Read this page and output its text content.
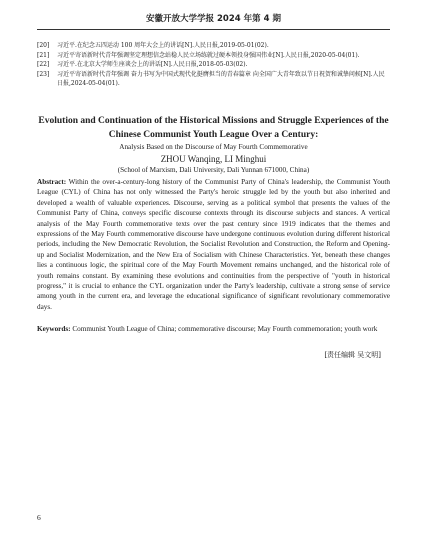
安徽开放大学学报 2024 年第 4 期
[20]	习近平.在纪念五四运动 100 周年大会上的讲话[N].人民日报,2019-05-01(02).
[21]	习近平寄语新时代青年强调坚定理想信念站稳人民立场练就过硬本领投身强国伟业[N].人民日报,2020-05-04(01).
[22]	习近平.在北京大学师生座谈会上的讲话[N].人民日报,2018-05-03(02).
[23]	习近平寄语新时代青年强调 奋力书写为中国式现代化挺膺担当的青春篇章 向全国广大青年致以节日祝贺和诚挚问候[N].人民日报,2024-05-04(01).
Evolution and Continuation of the Historical Missions and Struggle Experiences of the Chinese Communist Youth League Over a Century:
Analysis Based on the Discourse of May Fourth Commemorative
ZHOU Wanqing, LI Minghui
(School of Marxism, Dali University, Dali Yunnan 671000, China)
Abstract: Within the over-a-century-long history of the Communist Party of China's leadership, the Communist Youth League (CYL) of China has not only witnessed the Party's heroic struggle led by the youth but also inherited and developed a wealth of valuable experiences. Discourse, serving as a political symbol that presents the values of the Communist Party of China, conveys specific discourse contexts through its discourse subjects and stances. A vertical analysis of the May Fourth commemorative texts over the past century since 1919 indicates that the themes and expressions of the May Fourth commemorative discourse have undergone continuous evolution during different historical periods, including the New Democratic Revolution, the Socialist Revolution and Construction, the Reform and Opening-up and Socialist Modernization, and the New Era of Socialism with Chinese Characteristics. Yet, beneath these changes lies a continuous logic, the spiritual core of the May Fourth Movement remains unchanged, and the historical role of youth remains constant. By examining these evolutions and continuities from the perspective of "youth in historical progress," it is crucial to enhance the CYL organization under the Party's leadership, cultivate a strong sense of service among youth in the current era, and leverage the educational significance of significant revolutionary commemorative days.
Keywords: Communist Youth League of China; commemorative discourse; May Fourth commemoration; youth work
[责任编辑 吴文明]
6
